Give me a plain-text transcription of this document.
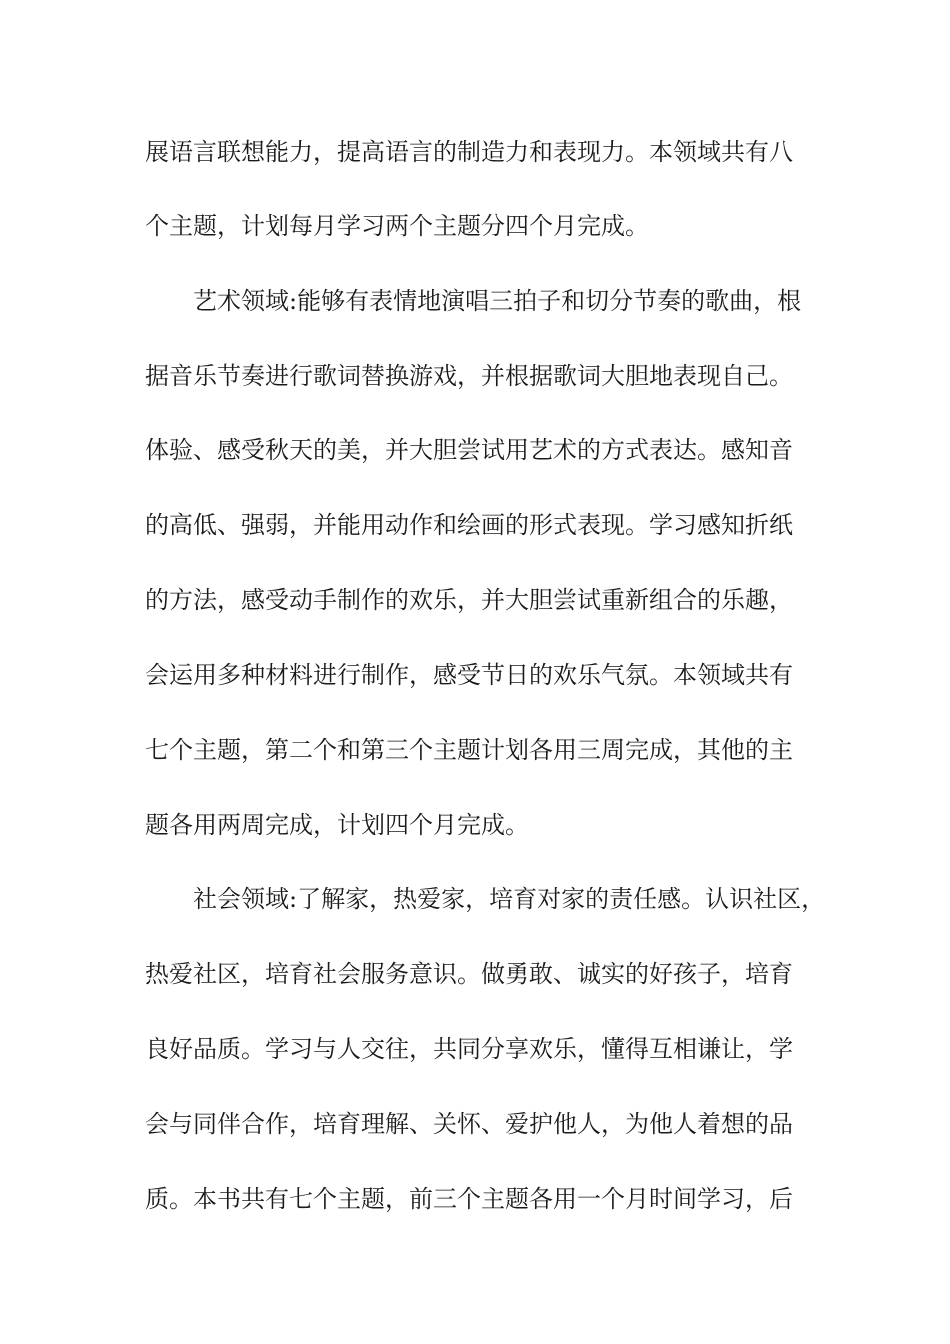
展语言联想能力，提高语言的制造力和表现力。本领域共有八
个主题，计划每月学习两个主题分四个月完成。
艺术领域:能够有表情地演唱三拍子和切分节奏的歌曲，根
据音乐节奏进行歌词替换游戏，并根据歌词大胆地表现自己。
体验、感受秋天的美，并大胆尝试用艺术的方式表达。感知音
的高低、强弱，并能用动作和绘画的形式表现。学习感知折纸
的方法，感受动手制作的欢乐，并大胆尝试重新组合的乐趣，
会运用多种材料进行制作，感受节日的欢乐气氛。本领域共有
七个主题，第二个和第三个主题计划各用三周完成，其他的主
题各用两周完成，计划四个月完成。
社会领域:了解家，热爱家，培育对家的责任感。认识社区，
热爱社区，培育社会服务意识。做勇敢、诚实的好孩子，培育
良好品质。学习与人交往，共同分享欢乐，懂得互相谦让，学
会与同伴合作，培育理解、关怀、爱护他人，为他人着想的品
质。本书共有七个主题，前三个主题各用一个月时间学习，后
